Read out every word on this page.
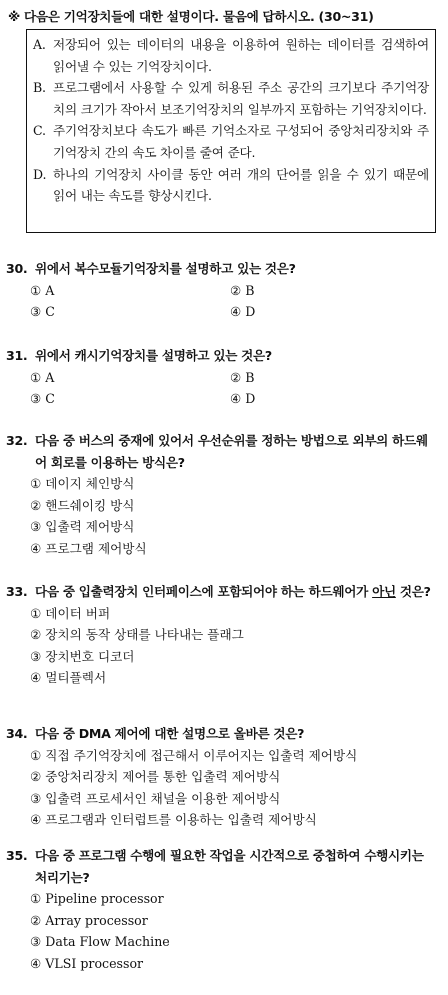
※ 다음은 기억장치들에 대한 설명이다. 물음에 답하시오. (30~31)
A. 저장되어 있는 데이터의 내용을 이용하여 원하는 데이터를 검색하여 읽어낼 수 있는 기억장치이다.
B. 프로그램에서 사용할 수 있게 허용된 주소 공간의 크기보다 주기억장치의 크기가 작아서 보조기억장치의 일부까지 포함하는 기억장치이다.
C. 주기억장치보다 속도가 빠른 기억소자로 구성되어 중앙처리장치와 주기억장치 간의 속도 차이를 줄여 준다.
D. 하나의 기억장치 사이클 동안 여러 개의 단어를 읽을 수 있기 때문에 읽어 내는 속도를 향상시킨다.
30. 위에서 복수모듈기억장치를 설명하고 있는 것은?
① A	② B
③ C	④ D
31. 위에서 캐시기억장치를 설명하고 있는 것은?
① A	② B
③ C	④ D
32. 다음 중 버스의 중재에 있어서 우선순위를 정하는 방법으로 외부의 하드웨어 회로를 이용하는 방식은?
① 데이지 체인방식
② 핸드쉐이킹 방식
③ 입출력 제어방식
④ 프로그램 제어방식
33. 다음 중 입출력장치 인터페이스에 포함되어야 하는 하드웨어가 아닌 것은?
① 데이터 버퍼
② 장치의 동작 상태를 나타내는 플래그
③ 장치번호 디코더
④ 멀티플렉서
34. 다음 중 DMA 제어에 대한 설명으로 올바른 것은?
① 직접 주기억장치에 접근해서 이루어지는 입출력 제어방식
② 중앙처리장치 제어를 통한 입출력 제어방식
③ 입출력 프로세서인 채널을 이용한 제어방식
④ 프로그램과 인터럽트를 이용하는 입출력 제어방식
35. 다음 중 프로그램 수행에 필요한 작업을 시간적으로 중첩하여 수행시키는 처리기는?
① Pipeline processor
② Array processor
③ Data Flow Machine
④ VLSI processor
